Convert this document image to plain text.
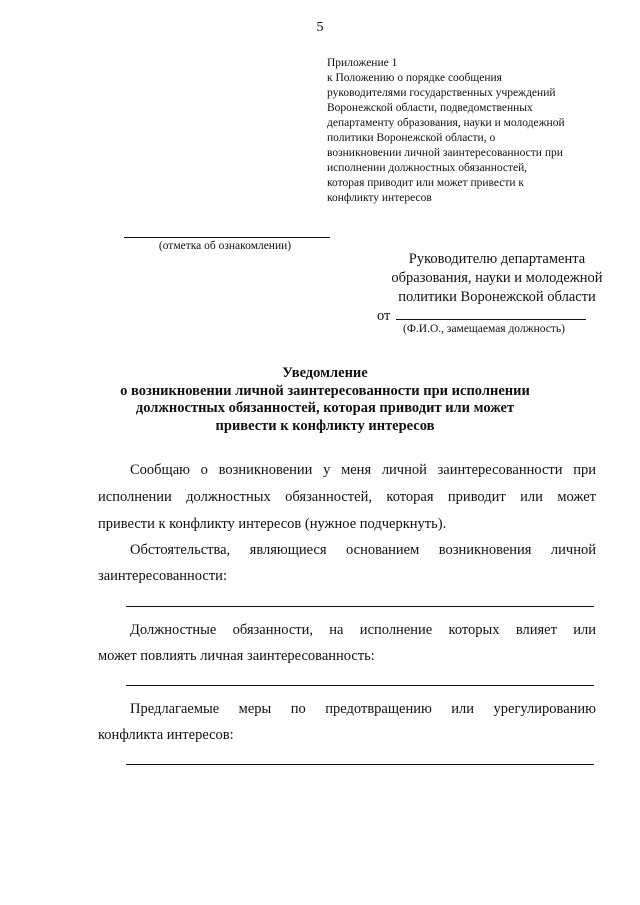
5
Приложение 1
к Положению о порядке сообщения
руководителями государственных учреждений
Воронежской области, подведомственных
департаменту образования, науки и молодежной
политики Воронежской области, о
возникновении личной заинтересованности при
исполнении должностных обязанностей,
которая приводит или может привести к
конфликту интересов
(отметка об ознакомлении)
Руководителю департамента
образования, науки и молодежной
политики Воронежской области
от
(Ф.И.О., замещаемая должность)
Уведомление
о возникновении личной заинтересованности при исполнении
должностных обязанностей, которая приводит или может
привести к конфликту интересов
Сообщаю о возникновении у меня личной заинтересованности при
исполнении должностных обязанностей, которая приводит или может
привести к конфликту интересов (нужное подчеркнуть).
Обстоятельства, являющиеся основанием возникновения личной
заинтересованности:
Должностные обязанности, на исполнение которых влияет или
может повлиять личная заинтересованность:
Предлагаемые меры по предотвращению или урегулированию
конфликта интересов:
